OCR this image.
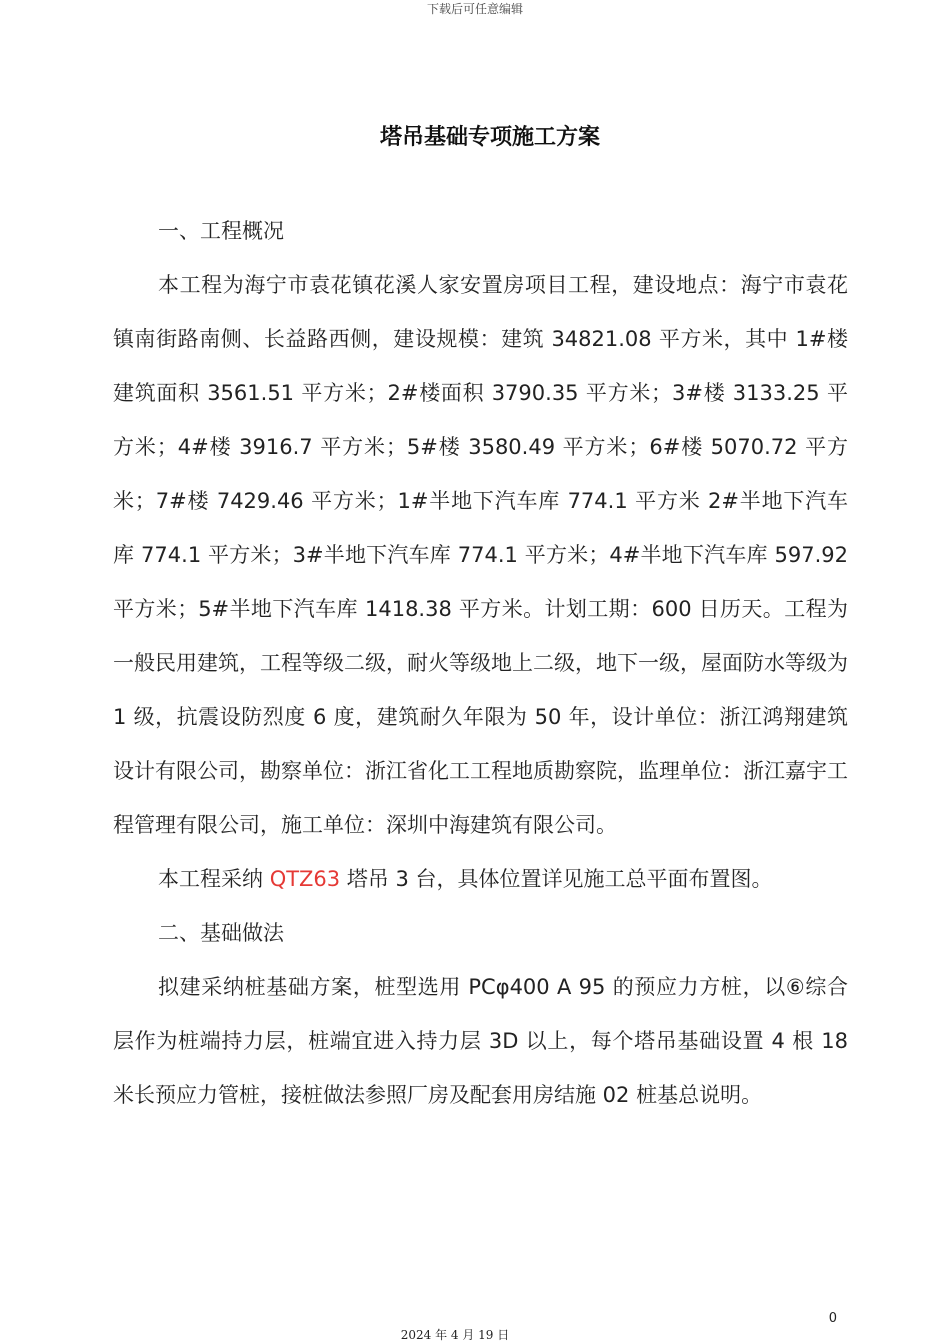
下载后可任意编辑
塔吊基础专项施工方案

一、工程概况

本工程为海宁市袁花镇花溪人家安置房项目工程，建设地点：海宁市袁花镇南街路南侧、长益路西侧，建设规模：建筑 34821.08 平方米，其中 1#楼建筑面积 3561.51 平方米；2#楼面积 3790.35 平方米；3#楼 3133.25 平方米；4#楼 3916.7 平方米；5#楼 3580.49 平方米；6#楼 5070.72 平方米；7#楼 7429.46 平方米；1#半地下汽车库 774.1 平方米 2#半地下汽车库 774.1 平方米；3#半地下汽车库 774.1 平方米；4#半地下汽车库 597.92 平方米；5#半地下汽车库 1418.38 平方米。计划工期：600 日历天。工程为一般民用建筑，工程等级二级，耐火等级地上二级，地下一级，屋面防水等级为 1 级，抗震设防烈度 6 度，建筑耐久年限为 50 年，设计单位：浙江鸿翔建筑设计有限公司，勘察单位：浙江省化工工程地质勘察院，监理单位：浙江嘉宇工程管理有限公司，施工单位：深圳中海建筑有限公司。

本工程采纳 QTZ63 塔吊 3 台，具体位置详见施工总平面布置图。

二、基础做法

拟建采纳桩基础方案，桩型选用 PCφ400 A 95 的预应力方桩，以⑥综合层作为桩端持力层，桩端宜进入持力层 3D 以上，每个塔吊基础设置 4 根 18 米长预应力管桩，接桩做法参照厂房及配套用房结施 02 桩基总说明。

0
2024 年 4 月 19 日
